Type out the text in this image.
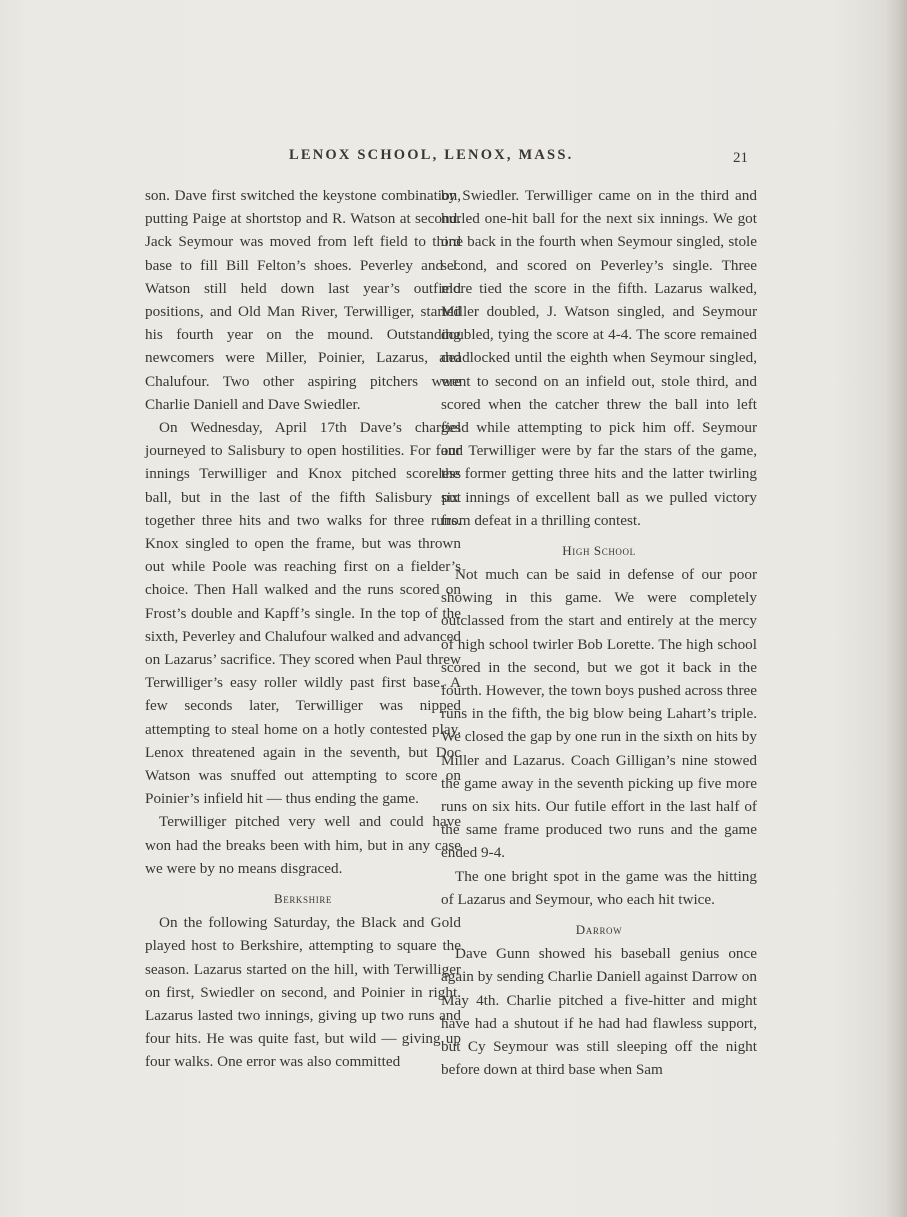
LENOX SCHOOL, LENOX, MASS.	21

son. Dave first switched the keystone combination, putting Paige at shortstop and R. Watson at second. Jack Seymour was moved from left field to third base to fill Bill Felton’s shoes. Peverley and J. Watson still held down last year’s outfield positions, and Old Man River, Terwilliger, started his fourth year on the mound. Outstanding newcomers were Miller, Poinier, Lazarus, and Chalufour. Two other aspiring pitchers were Charlie Daniell and Dave Swiedler.

On Wednesday, April 17th Dave’s charges journeyed to Salisbury to open hostilities. For four innings Terwilliger and Knox pitched scoreless ball, but in the last of the fifth Salisbury put together three hits and two walks for three runs. Knox singled to open the frame, but was thrown out while Poole was reaching first on a fielder’s choice. Then Hall walked and the runs scored on Frost’s double and Kapff’s single. In the top of the sixth, Peverley and Chalufour walked and advanced on Lazarus’ sacrifice. They scored when Paul threw Terwilliger’s easy roller wildly past first base. A few seconds later, Terwilliger was nipped attempting to steal home on a hotly contested play. Lenox threatened again in the seventh, but Doc Watson was snuffed out attempting to score on Poinier’s infield hit — thus ending the game.

Terwilliger pitched very well and could have won had the breaks been with him, but in any case we were by no means disgraced.

Berkshire

On the following Saturday, the Black and Gold played host to Berkshire, attempting to square the season. Lazarus started on the hill, with Terwilliger on first, Swiedler on second, and Poinier in right. Lazarus lasted two innings, giving up two runs and four hits. He was quite fast, but wild — giving up four walks. One error was also committed

by Swiedler. Terwilliger came on in the third and hurled one-hit ball for the next six innings. We got one back in the fourth when Seymour singled, stole second, and scored on Peverley’s single. Three more tied the score in the fifth. Lazarus walked, Miller doubled, J. Watson singled, and Seymour doubled, tying the score at 4-4. The score remained deadlocked until the eighth when Seymour singled, went to second on an infield out, stole third, and scored when the catcher threw the ball into left field while attempting to pick him off. Seymour and Terwilliger were by far the stars of the game, the former getting three hits and the latter twirling six innings of excellent ball as we pulled victory from defeat in a thrilling contest.

High School

Not much can be said in defense of our poor showing in this game. We were completely outclassed from the start and entirely at the mercy of high school twirler Bob Lorette. The high school scored in the second, but we got it back in the fourth. However, the town boys pushed across three runs in the fifth, the big blow being Lahart’s triple. We closed the gap by one run in the sixth on hits by Miller and Lazarus. Coach Gilligan’s nine stowed the game away in the seventh picking up five more runs on six hits. Our futile effort in the last half of the same frame produced two runs and the game ended 9-4.

The one bright spot in the game was the hitting of Lazarus and Seymour, who each hit twice.

Darrow

Dave Gunn showed his baseball genius once again by sending Charlie Daniell against Darrow on May 4th. Charlie pitched a five-hitter and might have had a shutout if he had had flawless support, but Cy Seymour was still sleeping off the night before down at third base when Sam
